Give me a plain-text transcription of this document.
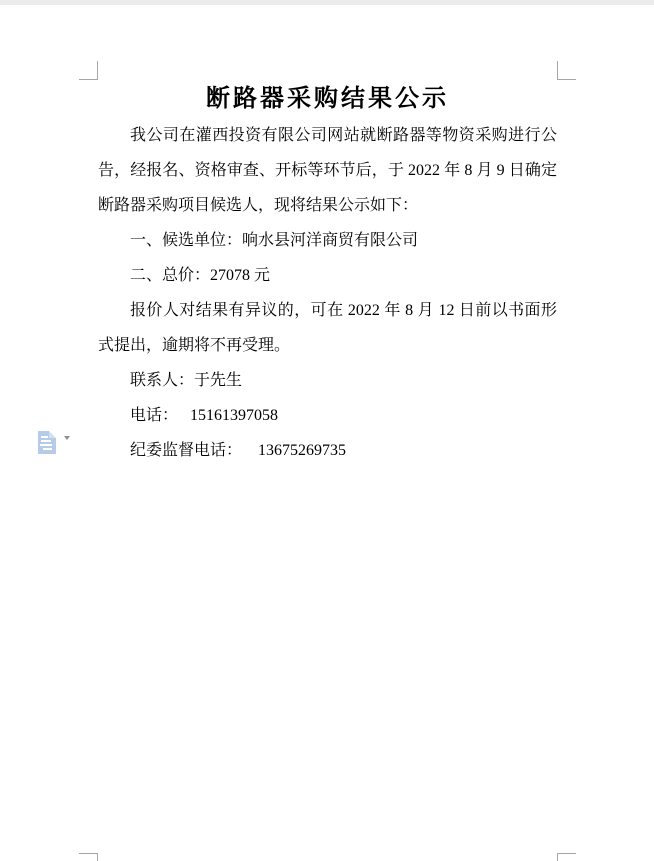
断路器采购结果公示

我公司在灌西投资有限公司网站就断路器等物资采购进行公告，经报名、资格审查、开标等环节后，于 2022 年 8 月 9 日确定断路器采购项目候选人，现将结果公示如下：

一、候选单位：响水县河洋商贸有限公司

二、总价：27078 元

报价人对结果有异议的，可在 2022 年 8 月 12 日前以书面形式提出，逾期将不再受理。

联系人：于先生

电话：   15161397058

纪委监督电话：    13675269735
